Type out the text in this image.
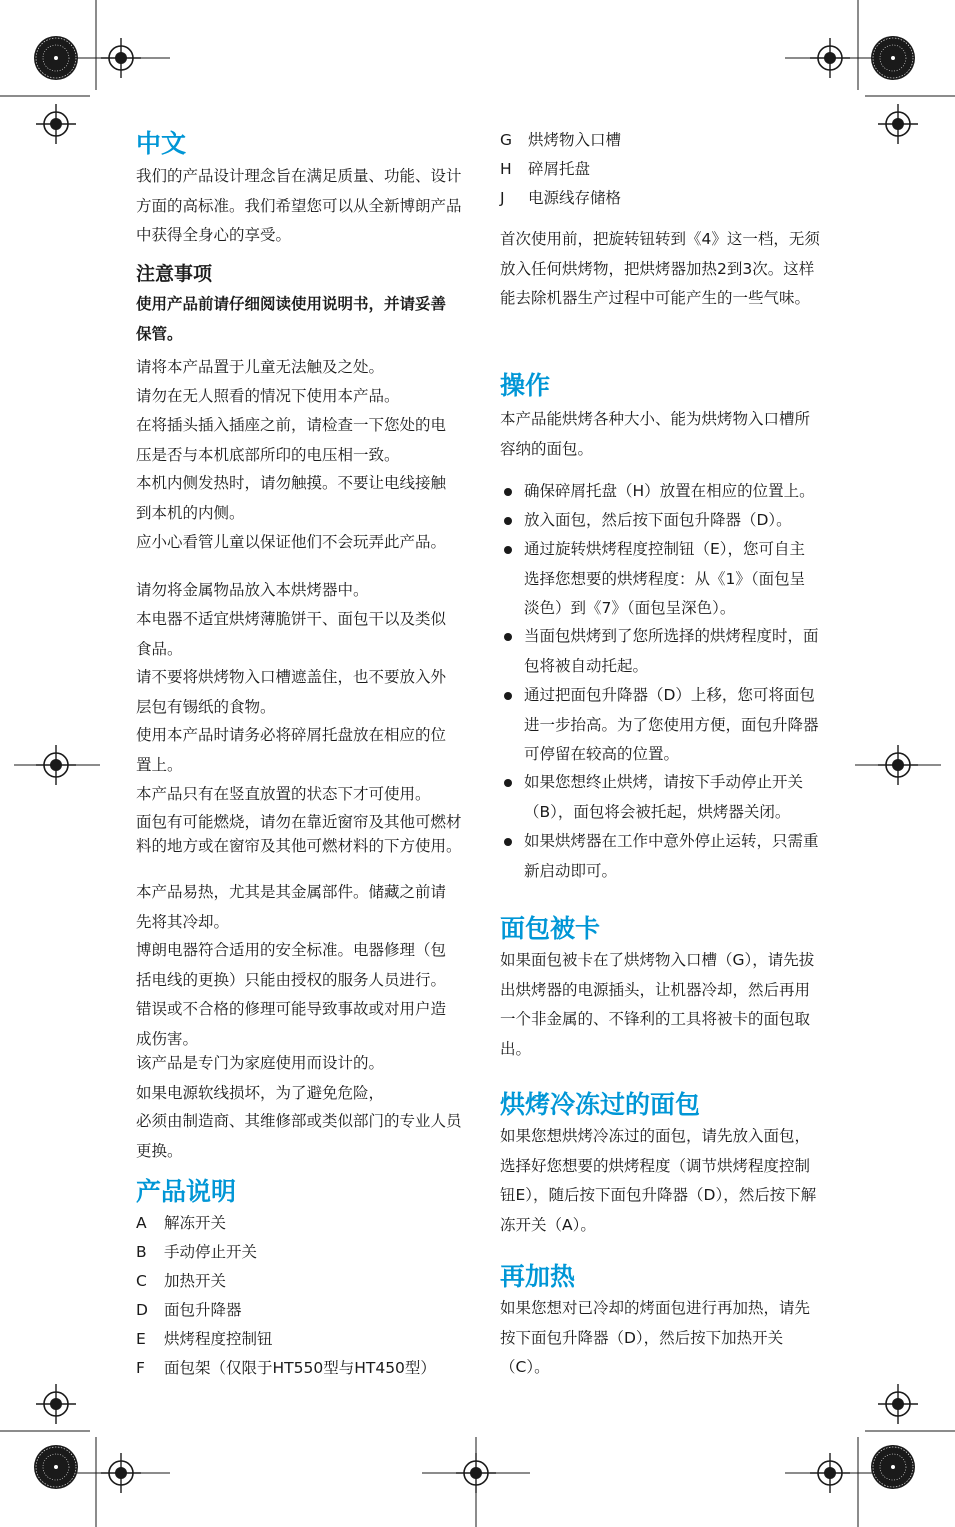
中文

我们的产品设计理念旨在满足质量、功能、设计方面的高标准。我们希望您可以从全新博朗产品中获得全身心的享受。

注意事项

使用产品前请仔细阅读使用说明书，并请妥善保管。

请将本产品置于儿童无法触及之处。

请勿在无人照看的情况下使用本产品。

在将插头插入插座之前，请检查一下您处的电压是否与本机底部所印的电压相一致。

本机内侧发热时，请勿触摸。不要让电线接触到本机的内侧。

应小心看管儿童以保证他们不会玩弄此产品。

请勿将金属物品放入本烘烤器中。

本电器不适宜烘烤薄脆饼干、面包干以及类似食品。

请不要将烘烤物入口槽遮盖住，也不要放入外层包有锡纸的食物。

使用本产品时请务必将碎屑托盘放在相应的位置上。

本产品只有在竖直放置的状态下才可使用。

面包有可能燃烧，请勿在靠近窗帘及其他可燃材料的地方或在窗帘及其他可燃材料的下方使用。

本产品易热，尤其是其金属部件。储藏之前请先将其冷却。

博朗电器符合适用的安全标准。电器修理（包括电线的更换）只能由授权的服务人员进行。错误或不合格的修理可能导致事故或对用户造成伤害。

该产品是专门为家庭使用而设计的。

如果电源软线损坏，为了避免危险，

必须由制造商、其维修部或类似部门的专业人员更换。

产品说明
A 解冻开关
B 手动停止开关
C 加热开关
D 面包升降器
E 烘烤程度控制钮
F 面包架（仅限于HT550型与HT450型）
G 烘烤物入口槽
H 碎屑托盘
J 电源线存储格

首次使用前，把旋转钮转到《4》这一档，无须放入任何烘烤物，把烘烤器加热2到3次。这样能去除机器生产过程中可能产生的一些气味。

操作

本产品能烘烤各种大小、能为烘烤物入口槽所容纳的面包。

确保碎屑托盘（H）放置在相应的位置上。
放入面包，然后按下面包升降器（D）。
通过旋转烘烤程度控制钮（E），您可自主选择您想要的烘烤程度：从《1》（面包呈淡色）到《7》（面包呈深色）。
当面包烘烤到了您所选择的烘烤程度时，面包将被自动托起。
通过把面包升降器（D）上移，您可将面包进一步抬高。为了您使用方便，面包升降器可停留在较高的位置。
如果您想终止烘烤，请按下手动停止开关（B），面包将会被托起，烘烤器关闭。
如果烘烤器在工作中意外停止运转，只需重新启动即可。
面包被卡

如果面包被卡在了烘烤物入口槽（G），请先拔出烘烤器的电源插头，让机器冷却，然后再用一个非金属的、不锋利的工具将被卡的面包取出。

烘烤冷冻过的面包

如果您想烘烤冷冻过的面包，请先放入面包，选择好您想要的烘烤程度（调节烘烤程度控制钮E），随后按下面包升降器（D），然后按下解冻开关（A）。

再加热

如果您想对已冷却的烤面包进行再加热，请先按下面包升降器（D），然后按下加热开关（C）。
